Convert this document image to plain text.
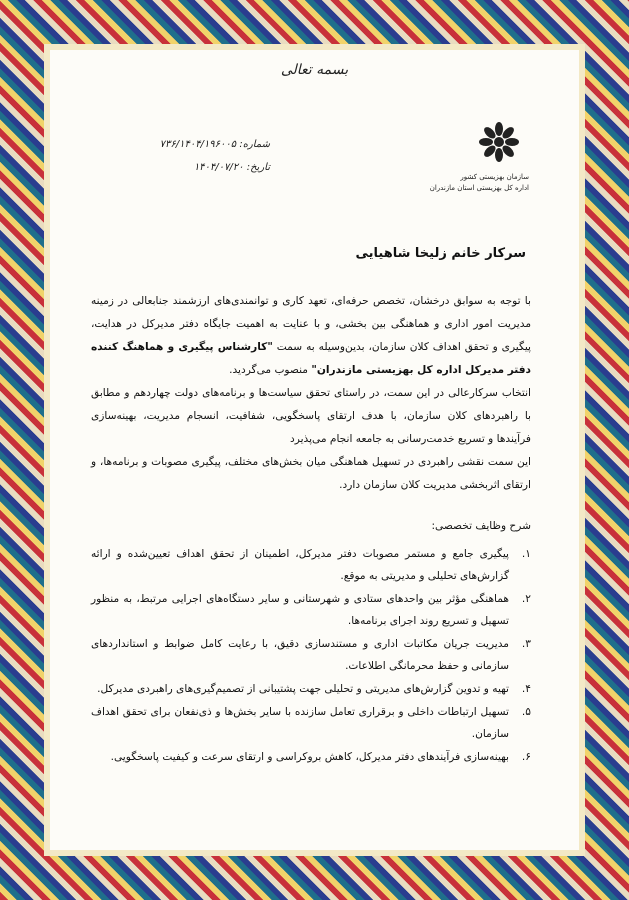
بسمه تعالی
شماره: ۷۳۶/۱۴۰۴/۱۹۶۰۰۵
تاریخ: ۱۴۰۴/۰۷/۲۰
سازمان بهزیستی کشور
اداره کل بهزیستی استان مازندران
سرکار خانم زلیخا شاهیایی

با توجه به سوابق درخشان، تخصص حرفه‌ای، تعهد کاری و توانمندی‌های ارزشمند جنابعالی در زمینه مدیریت امور اداری و هماهنگی بین بخشی، و با عنایت به اهمیت جایگاه دفتر مدیرکل در هدایت، پیگیری و تحقق اهداف کلان سازمان، بدین‌وسیله به سمت "کارشناس پیگیری و هماهنگ کننده دفتر مدیرکل اداره کل بهزیستی مازندران" منصوب می‌گردید.

انتخاب سرکارعالی در این سمت، در راستای تحقق سیاست‌ها و برنامه‌های دولت چهاردهم و مطابق با راهبردهای کلان سازمان، با هدف ارتقای پاسخگویی، شفافیت، انسجام مدیریت، بهینه‌سازی فرآیندها و تسریع خدمت‌رسانی به جامعه انجام می‌پذیرد

این سمت نقشی راهبردی در تسهیل هماهنگی میان بخش‌های مختلف، پیگیری مصوبات و برنامه‌ها، و ارتقای اثربخشی مدیریت کلان سازمان دارد.

شرح وظایف تخصصی:
۱.
پیگیری جامع و مستمر مصوبات دفتر مدیرکل، اطمینان از تحقق اهداف تعیین‌شده و ارائه گزارش‌های تحلیلی و مدیریتی به موقع.
۲.
هماهنگی مؤثر بین واحدهای ستادی و شهرستانی و سایر دستگاه‌های اجرایی مرتبط، به منظور تسهیل و تسریع روند اجرای برنامه‌ها.
۳.
مدیریت جریان مکاتبات اداری و مستندسازی دقیق، با رعایت کامل ضوابط و استانداردهای سازمانی و حفظ محرمانگی اطلاعات.
۴.
تهیه و تدوین گزارش‌های مدیریتی و تحلیلی جهت پشتیبانی از تصمیم‌گیری‌های راهبردی مدیرکل.
۵.
تسهیل ارتباطات داخلی و برقراری تعامل سازنده با سایر بخش‌ها و ذی‌نفعان برای تحقق اهداف سازمان.
۶.
بهینه‌سازی فرآیندهای دفتر مدیرکل، کاهش بروکراسی و ارتقای سرعت و کیفیت پاسخگویی.
